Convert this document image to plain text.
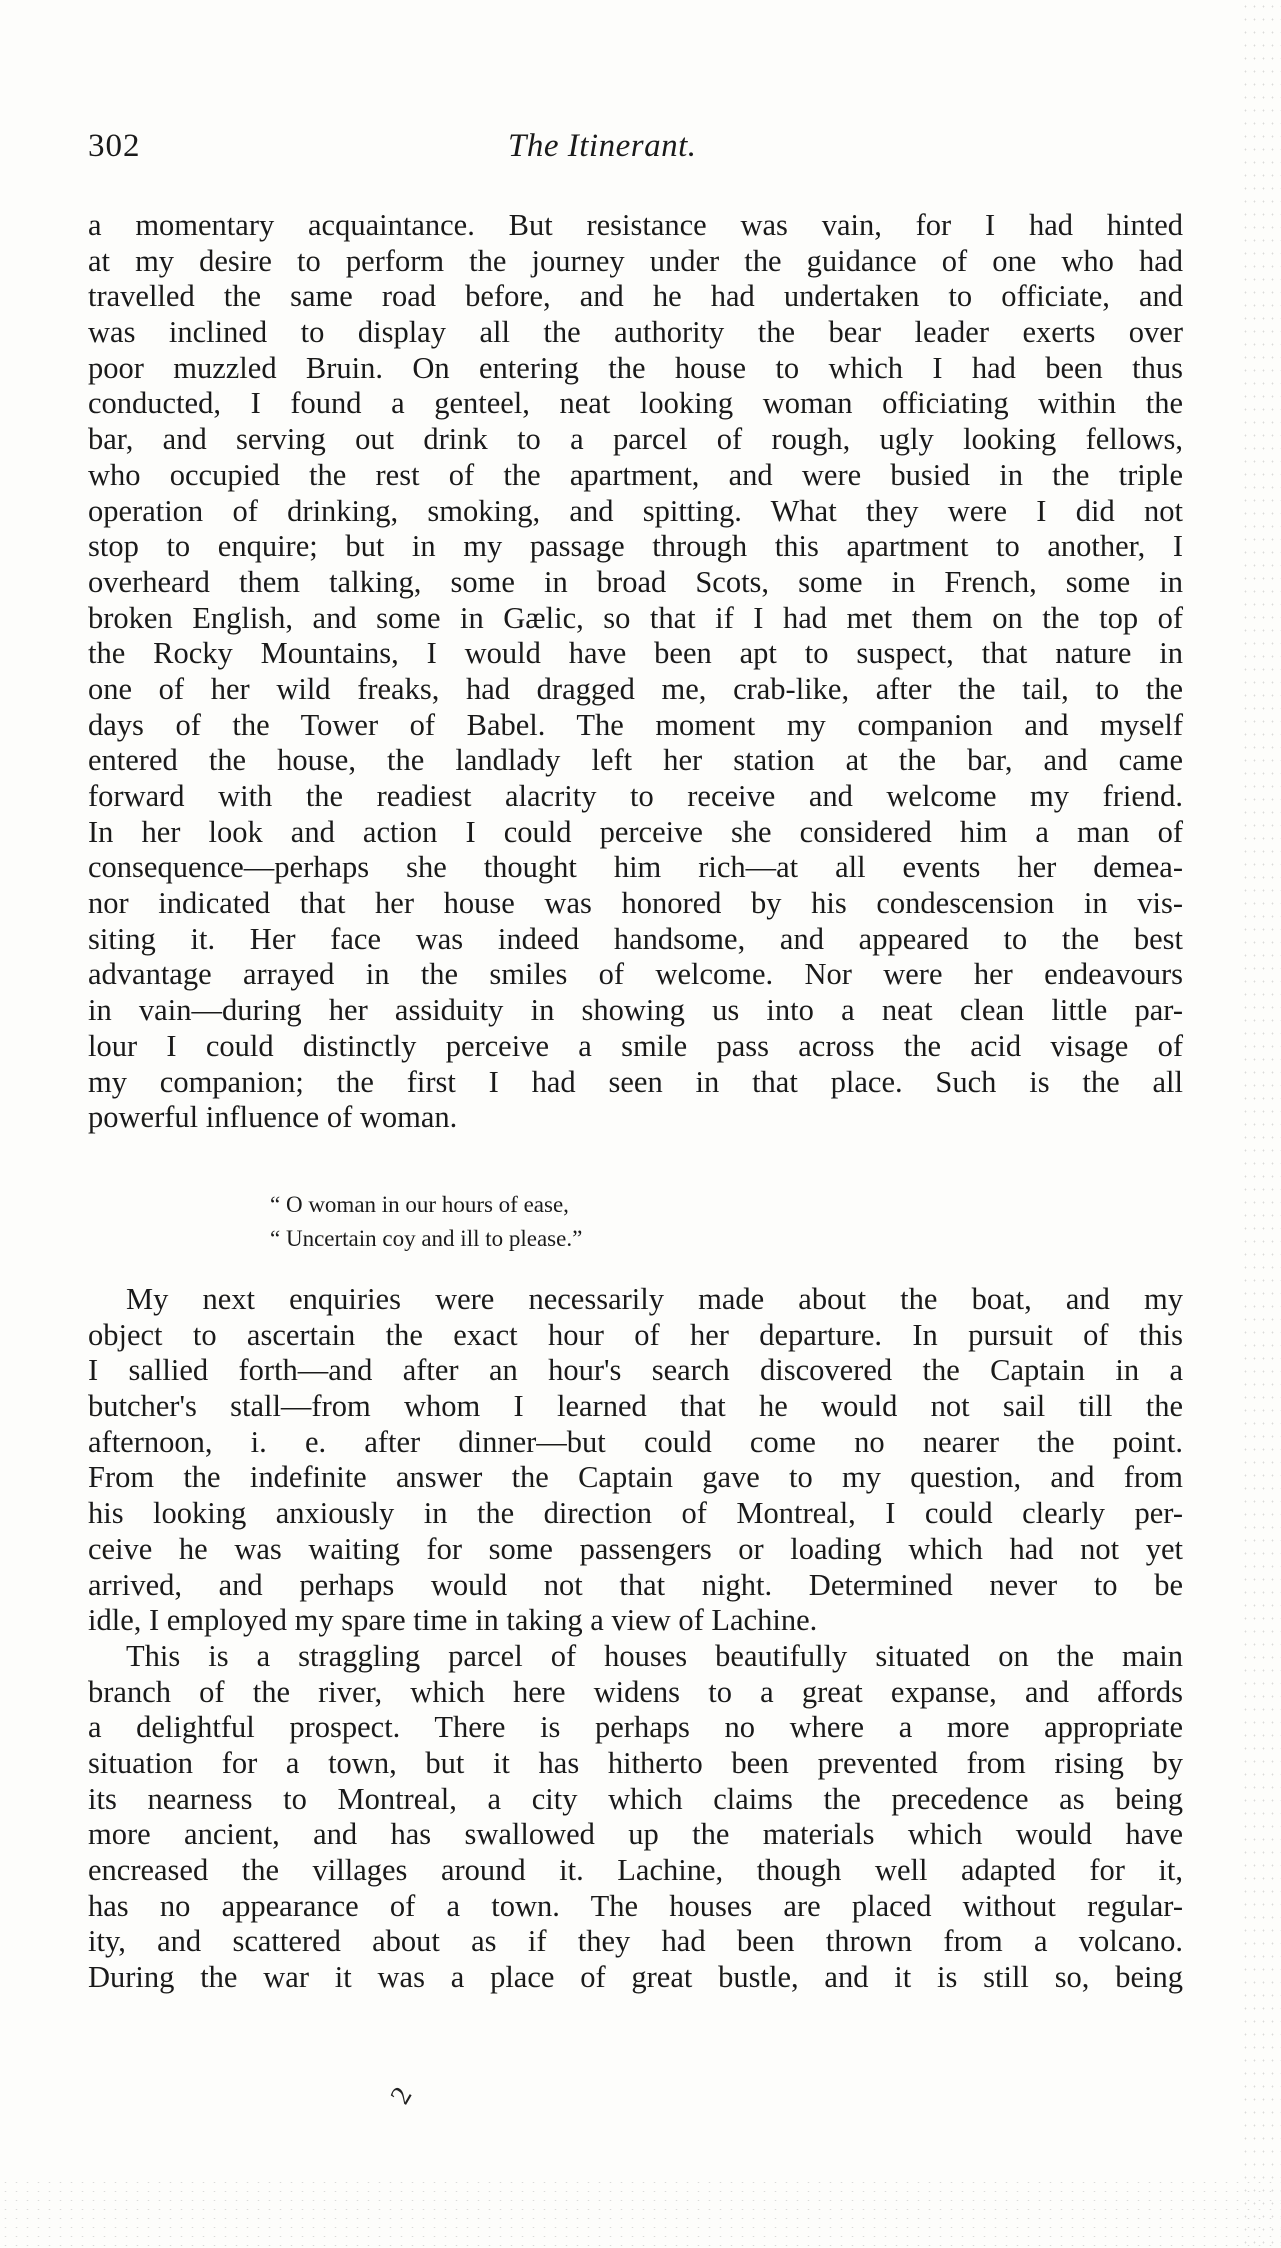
302	The Itinerant.
a momentary acquaintance. But resistance was vain, for I had hinted
at my desire to perform the journey under the guidance of one who had
travelled the same road before, and he had undertaken to officiate, and
was inclined to display all the authority the bear leader exerts over
poor muzzled Bruin. On entering the house to which I had been thus
conducted, I found a genteel, neat looking woman officiating within the
bar, and serving out drink to a parcel of rough, ugly looking fellows,
who occupied the rest of the apartment, and were busied in the triple
operation of drinking, smoking, and spitting. What they were I did not
stop to enquire; but in my passage through this apartment to another, I
overheard them talking, some in broad Scots, some in French, some in
broken English, and some in Gælic, so that if I had met them on the top of
the Rocky Mountains, I would have been apt to suspect, that nature in
one of her wild freaks, had dragged me, crab-like, after the tail, to the
days of the Tower of Babel. The moment my companion and myself
entered the house, the landlady left her station at the bar, and came
forward with the readiest alacrity to receive and welcome my friend.
In her look and action I could perceive she considered him a man of
consequence—perhaps she thought him rich—at all events her demea-
nor indicated that her house was honored by his condescension in vis-
siting it. Her face was indeed handsome, and appeared to the best
advantage arrayed in the smiles of welcome. Nor were her endeavours
in vain—during her assiduity in showing us into a neat clean little par-
lour I could distinctly perceive a smile pass across the acid visage of
my companion; the first I had seen in that place. Such is the all
powerful influence of woman.
“ O woman in our hours of ease,
“ Uncertain coy and ill to please.”
My next enquiries were necessarily made about the boat, and my
object to ascertain the exact hour of her departure. In pursuit of this
I sallied forth—and after an hour's search discovered the Captain in a
butcher's stall—from whom I learned that he would not sail till the
afternoon, i. e. after dinner—but could come no nearer the point.
From the indefinite answer the Captain gave to my question, and from
his looking anxiously in the direction of Montreal, I could clearly per-
ceive he was waiting for some passengers or loading which had not yet
arrived, and perhaps would not that night. Determined never to be
idle, I employed my spare time in taking a view of Lachine.
This is a straggling parcel of houses beautifully situated on the main
branch of the river, which here widens to a great expanse, and affords
a delightful prospect. There is perhaps no where a more appropriate
situation for a town, but it has hitherto been prevented from rising by
its nearness to Montreal, a city which claims the precedence as being
more ancient, and has swallowed up the materials which would have
encreased the villages around it. Lachine, though well adapted for it,
has no appearance of a town. The houses are placed without regular-
ity, and scattered about as if they had been thrown from a volcano.
During the war it was a place of great bustle, and it is still so, being
2
